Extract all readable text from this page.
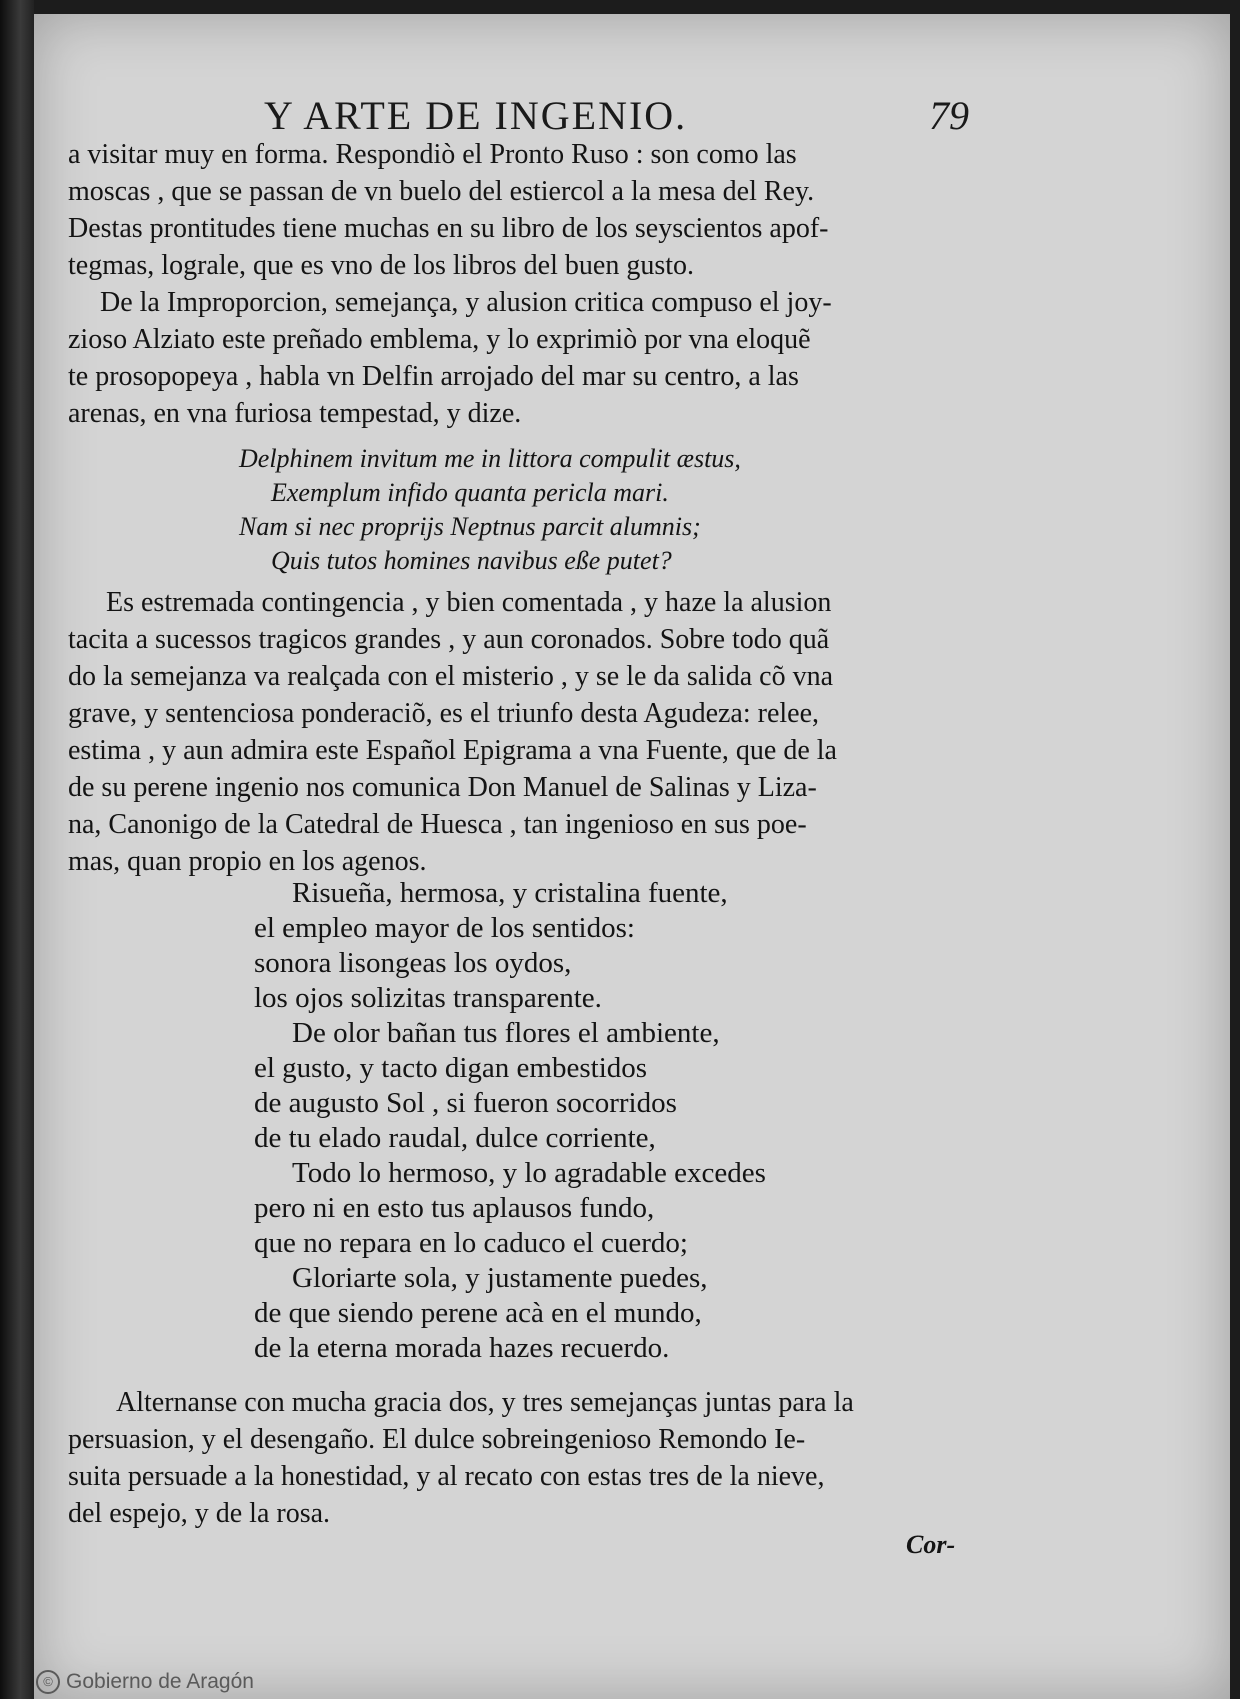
Y ARTE DE INGENIO.	79
a visitar muy en forma. Respondiò el Pronto Ruso : son como las
moscas , que se passan de vn buelo del estiercol a la mesa del Rey.
Destas prontitudes tiene muchas en su libro de los seyscientos apof-
tegmas, lograle, que es vno de los libros del buen gusto.
De la Improporcion, semejança, y alusion critica compuso el joy-
zioso Alziato este preñado emblema, y lo exprimiò por vna eloquẽ
te prosopopeya , habla vn Delfin arrojado del mar su centro, a las
arenas, en vna furiosa tempestad, y dize.
Delphinem invitum me in littora compulit æstus,
Exemplum infido quanta pericla mari.
Nam si nec proprijs Neptnus parcit alumnis;
Quis tutos homines navibus eße putet?
Es estremada contingencia , y bien comentada , y haze la alusion
tacita a sucessos tragicos grandes , y aun coronados. Sobre todo quã
do la semejanza va realçada con el misterio , y se le da salida cõ vna
grave, y sentenciosa ponderaciõ, es el triunfo desta Agudeza: relee,
estima , y aun admira este Español Epigrama a vna Fuente, que de la
de su perene ingenio nos comunica Don Manuel de Salinas y Liza-
na, Canonigo de la Catedral de Huesca , tan ingenioso en sus poe-
mas, quan propio en los agenos.
Risueña, hermosa, y cristalina fuente,
el empleo mayor de los sentidos:
sonora lisongeas los oydos,
los ojos solizitas transparente.
De olor bañan tus flores el ambiente,
el gusto, y tacto digan embestidos
de augusto Sol , si fueron socorridos
de tu elado raudal, dulce corriente,
Todo lo hermoso, y lo agradable excedes
pero ni en esto tus aplausos fundo,
que no repara en lo caduco el cuerdo;
Gloriarte sola, y justamente puedes,
de que siendo perene acà en el mundo,
de la eterna morada hazes recuerdo.
Alternanse con mucha gracia dos, y tres semejanças juntas para la
persuasion, y el desengaño. El dulce sobreingenioso Remondo Ie-
suita persuade a la honestidad, y al recato con estas tres de la nieve,
del espejo, y de la rosa.
Cor-
© Gobierno de Aragón
